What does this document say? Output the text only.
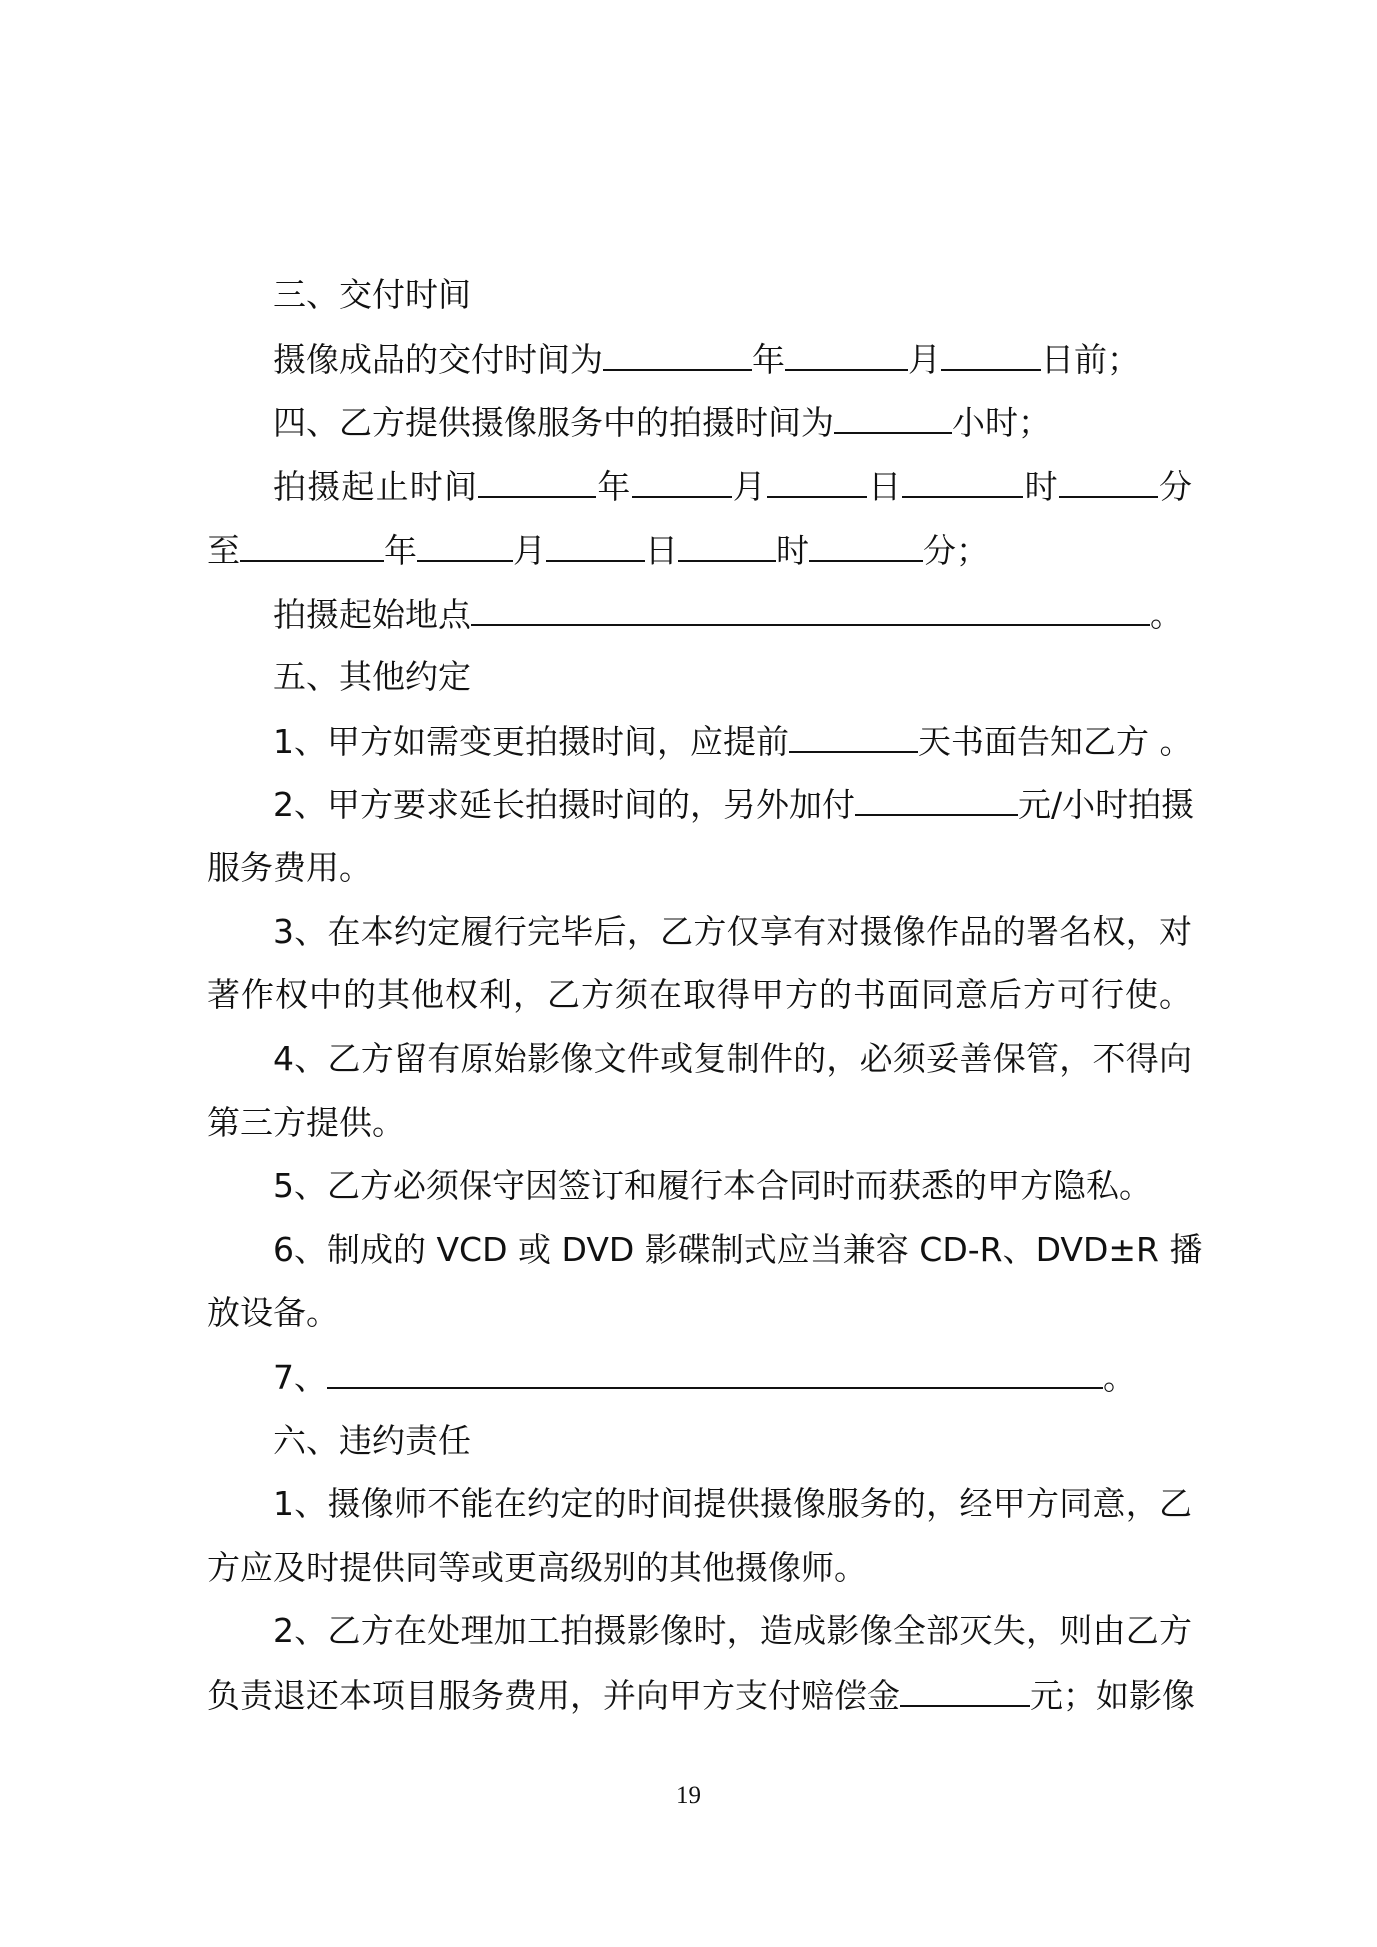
三、交付时间
摄像成品的交付时间为	年	月	日前；
四、乙方提供摄像服务中的拍摄时间为	小时；
拍摄起止时间	年	月	日	时	分
至	年	月	日	时	分；
拍摄起始地点	。
五、其他约定
1、甲方如需变更拍摄时间，应提前	天书面告知乙方 。
2、甲方要求延长拍摄时间的，另外加付	元/小时拍摄
服务费用。
3、在本约定履行完毕后，乙方仅享有对摄像作品的署名权，对
著作权中的其他权利，乙方须在取得甲方的书面同意后方可行使。
4、乙方留有原始影像文件或复制件的，必须妥善保管，不得向
第三方提供。
5、乙方必须保守因签订和履行本合同时而获悉的甲方隐私。
6、制成的 VCD 或 DVD 影碟制式应当兼容 CD-R、DVD±R 播
放设备。
7、	。
六、违约责任
1、摄像师不能在约定的时间提供摄像服务的，经甲方同意，乙
方应及时提供同等或更高级别的其他摄像师。
2、乙方在处理加工拍摄影像时，造成影像全部灭失，则由乙方
负责退还本项目服务费用，并向甲方支付赔偿金	元；如影像
19
